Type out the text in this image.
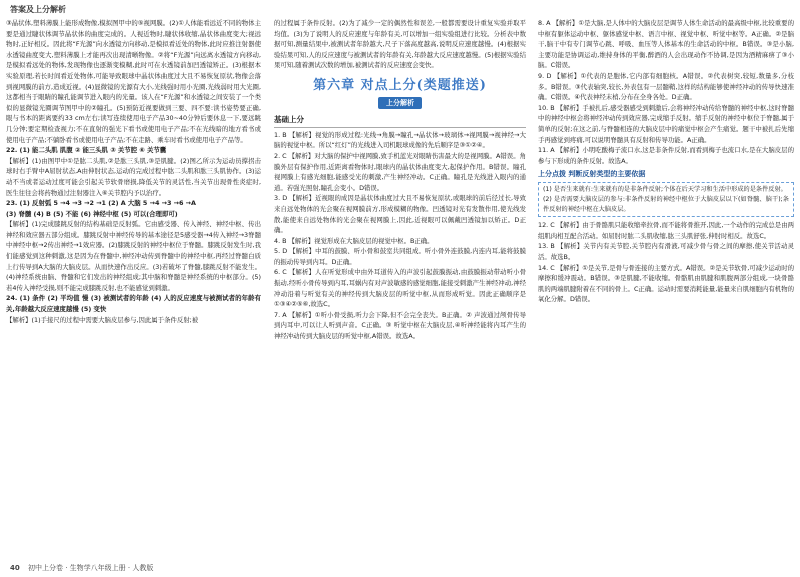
答案及上分解析

③晶状体,塑料薄膜上能形成物像,模拟图甲中的⑤视网膜。(2)①人体能看远近不同的物体主要是通过睫状体调节晶状体的曲度完成的。人视近物时,睫状体收缩,晶状体曲度变大;视远物时,正好相反。因此将“F光源”向水透镜方向移动,是模拟看近处的物体,此时应推注射器使水透镜曲度变大,塑料薄膜上才能再次出现清晰物像。②将“F光源”向远离水透镜方向移动,是模拟看远处的物体,发现物像也逐渐变模糊,此时可在水透镜前加凹透镜矫正。(3)根据本实验原理,若长时间看近处物体,可能导致眼球中晶状体曲度过大且不易恢复原状,物像会落到视网膜的前方,造成近视。(4)显微镜的光源有大小,光线强时用小光圈,光线弱时用大光圈,这都相当于眼睛的瞳孔能调节进入眼内的光量。该人在“F光源”和水透镜之间安装了一个类似的显微镜光圈调节图甲中的②瞳孔。(5)预防近视要做到三要、四不要:读书姿势要正确,眼与书本的距离要约33 cm左右;读写连续使用电子产品30~40分钟后要休息一下,要远眺几分钟;要定期检查视力;不在直射的强光下看书或使用电子产品;不在光线暗的地方看书或使用电子产品;不躺卧看书或使用电子产品;不在走路、乘车时看书或使用电子产品等。

22. (1) 能二头肌 肌腹 ② 能三头肌 ③ 关节腔 ⑥ 关节囊

【解析】(1)由图甲中①是肱二头肌,②是肱三头肌,③是肌腱。(2)图乙所示为运动员撑拐击球时右手臂中A屈肘状态,A由伸肘状态,运动的完成过程中肱二头肌和肱三头肌协作。(3)运动不当或者运动过度可能会引起关节软骨磨损,降低关节的灵活性,当关节出现骨性炎症时,医生往往会将药物通过注射器注入⑥关节腔内予以治疗。

23. (1) 反射弧 5 →4 →3 →2 →1 (2) A 大脑 5 →4 →3 →6 →A

(3) 脊髓 (4) B (5) 不能 (6) 神经中枢 (5) 可以(合理即可)

【解析】(1)完成膝跳反射的结构基础是反射弧。它由感受器、传入神经、神经中枢、传出神经和效应器五部分组成。膝跳反射中神经传导的基本途径是5感受器→4传入神经→3脊髓中神经中枢→2传出神经→1效应器。(2)膝跳反射的神经中枢位于脊髓。膝跳反射发生时,我们能感觉到这种刺激,这是因为在脊髓中,神经冲动传到脊髓中的神经中枢,再经过脊髓白质上行传导到A大脑的大脑皮层。从而快速作出反应。(3)若破坏了脊髓,膝跳反射不能发生。(4)神经系统由脑、脊髓和它们发出的神经组成;其中脑和脊髓是神经系统的中枢部分。(5)若4传入神经受损,则不能完成膝跳反射,也不能感觉到刺激。

24. (1) 条件 (2) 平均值 慢 (3) 被测试者的年龄 (4) 人的反应速度与被测试者的年龄有关,年龄越大反应速度越慢 (5) 变快

【解析】(1)手接尺的过程中需要大脑皮层参与,因此属于条件反射;被

的过程属于条件反射。(2)为了减少一定的偶然性和误差,一般都需要设计重复实验并取平均值。(3)为了说明人的反应速度与年龄有关,可以增加一组实验组进行比较。分析表中数据可知,测量结果中,被测试者年龄越大,尺子下落高度越高,说明反应速度越慢。(4)根据实验结果可知,人的反应速度与被测试者的年龄有关,年龄越大反应速度越慢。(5)根据实验结果可知,随着测试次数的增加,被测试者的反应速度会变快。

第六章 对点上分(类题推送)
上分解析
基础上分

1. B 【解析】视觉的形成过程:光线→角膜→瞳孔→晶状体→玻璃体→视网膜→视神经→大脑的视觉中枢。所以“红灯”的光线进入司机眼球成像的先后顺序是③①②④。

2. C 【解析】对大脑的保护中视网膜,致手机蓝光对眼睛伤害最大的是视网膜。A错误。角膜外层有保护作用,近距离看物体时,眼球内的晶状体曲度变大,起保护作用。B错误。瞳孔视网膜上有感光细胞,能感受光的刺激,产生神经冲动。C正确。瞳孔是光线进入眼内的通道。若强光照射,瞳孔会变小。D错误。

3. D 【解析】近视眼的成因是晶状体曲度过大且不易恢复原状,或眼球的前后径过长,导致来自远处物体的光会聚在视网膜前方,形成模糊的物像。凹透镜对光有发散作用,使光线发散,能使来自远处物体的光会聚在视网膜上,因此,近视眼可以佩戴凹透镜加以矫正。D正确。

4. B 【解析】视觉形成在大脑皮层的视觉中枢。B正确。

5. D 【解析】中耳的鼓膜、听小骨和鼓室共同组成。听小骨外连鼓膜,内连内耳,能将鼓膜的振动传导到内耳。D正确。

6. C 【解析】人在听觉形成中由外耳道传入的声波引起鼓膜振动,由鼓膜振动带动听小骨振动,经听小骨传导到内耳,耳蜗内有对声波敏感的感觉细胞,能接受刺激产生神经冲动,神经冲动沿着与听觉有关的神经传到大脑皮层的听觉中枢,从而形成听觉。因此正确顺序是①③④②⑤⑥,故选C。

7. A 【解析】①听小骨受损,听力会下降,但不会完全丧失。B正确。② 声波通过颅骨传导到内耳中,可以让人听到声音。C正确。③ 听觉中枢在大脑皮层,④听神经能将内耳产生的神经冲动传到大脑皮层的听觉中枢,A错误。故选A。

8. A 【解析】①是大脑,是人体中的大脑皮层是调节人体生命活动的最高级中枢,比较重要的中枢有躯体运动中枢、躯体感觉中枢、语言中枢、视觉中枢、听觉中枢等。A正确。②是脑干,脑干中有专门调节心跳、呼吸、血压等人体基本的生命活动的中枢。B错误。③是小脑,主要功能是协调运动,维持身体的平衡,醉酒的人会出现动作不协调,是因为酒精麻痹了③小脑。C错误。

9. D 【解析】①代表的是胞体,它内部有细胞核。A错误。②代表树突,较短,数量多,分枝多。B错误。③代表轴突,较长,外表包有一层髓鞘,这样的结构能够使神经冲动的传导快速准确。C错误。④代表神经末梢,分布在全身各处。D正确。

10. B 【解析】手被扎后,感受器感受到刺激后,会将神经冲动传给脊髓的神经中枢,这时脊髓中的神经中枢会将神经冲动传到效应器,完成缩手反射。缩手反射的神经中枢位于脊髓,属于简单的反射;在这之前,与脊髓相连的大脑皮层中的痛觉中枢会产生痛觉。题干中被扎后先缩手再感觉到疼痛,可以说明脊髓具有反射和传导功能。A正确。

11. A 【解析】小明吃酸梅子流口水,这是非条件反射,而看到梅子也流口水,是在大脑皮层的参与下形成的条件反射。故选A。

上分点拨 判断反射类型的主要依据

(1) 是否生来就有:生来就有的是非条件反射;个体在后天学习和生活中形成的是条件反射。

(2) 是否需要大脑皮层的参与:非条件反射的神经中枢位于大脑皮层以下(如脊髓、脑干);条件反射的神经中枢在大脑皮层。

12. C 【解析】由于骨骼肌只能收缩牵拉骨,而不能将骨推开,因此,一个动作的完成总是由两组肌肉相互配合活动。如屈肘时肱二头肌收缩,肱三头肌舒张,伸肘时相反。故选C。

13. B 【解析】关节内有关节腔,关节腔内有滑液,可减少骨与骨之间的摩擦,使关节活动灵活。故选B。

14. C 【解析】①是关节,是骨与骨连接的主要方式。A错误。②是关节软骨,可减少运动时的摩擦和缓冲震动。B错误。③是肌腱,不能收缩。骨骼肌由肌腱和肌腹两部分组成,一块骨骼肌的两端肌腱附着在不同的骨上。C正确。运动时需要消耗能量,能量来自肌细胞内有机物的氧化分解。D错误。

40 初中上分卷 · 生物学八年级上册 · 人教版
